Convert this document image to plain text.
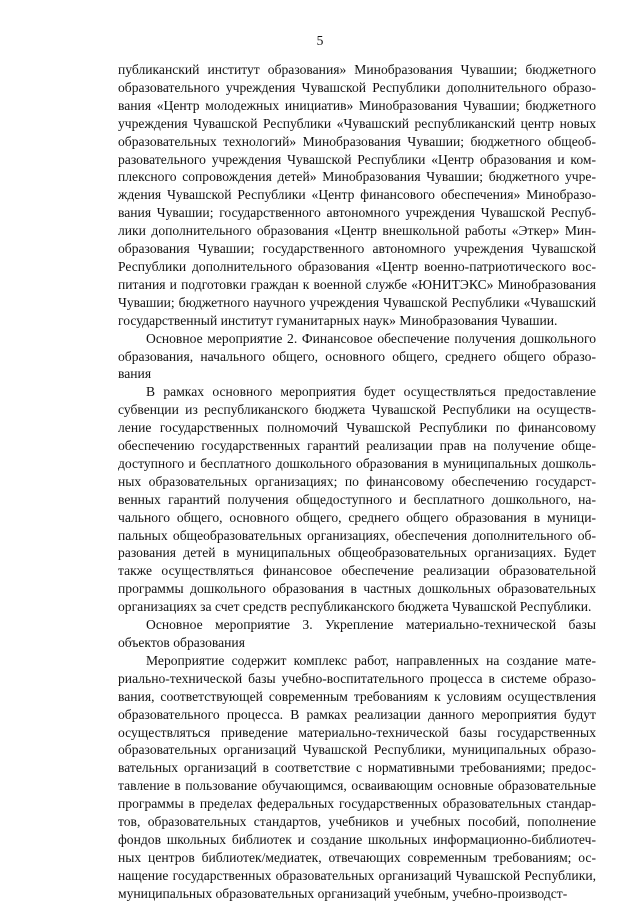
5

публиканский институт образования» Минобразования Чувашии; бюджетного образовательного учреждения Чувашской Республики дополнительного образования «Центр молодежных инициатив» Минобразования Чувашии; бюджетного учреждения Чувашской Республики «Чувашский республиканский центр новых образовательных технологий» Минобразования Чувашии; бюджетного общеобразовательного учреждения Чувашской Республики «Центр образования и комплексного сопровождения детей» Минобразования Чувашии; бюджетного учреждения Чувашской Республики «Центр финансового обеспечения» Минобразования Чувашии; государственного автономного учреждения Чувашской Республики дополнительного образования «Центр внешкольной работы «Эткер» Минобразования Чувашии; государственного автономного учреждения Чувашской Республики дополнительного образования «Центр военно-патриотического воспитания и подготовки граждан к военной службе «ЮНИТЭКС» Минобразования Чувашии; бюджетного научного учреждения Чувашской Республики «Чувашский государственный институт гуманитарных наук» Минобразования Чувашии.

Основное мероприятие 2. Финансовое обеспечение получения дошкольного образования, начального общего, основного общего, среднего общего образования

В рамках основного мероприятия будет осуществляться предоставление субвенции из республиканского бюджета Чувашской Республики на осуществление государственных полномочий Чувашской Республики по финансовому обеспечению государственных гарантий реализации прав на получение общедоступного и бесплатного дошкольного образования в муниципальных дошкольных образовательных организациях; по финансовому обеспечению государственных гарантий получения общедоступного и бесплатного дошкольного, начального общего, основного общего, среднего общего образования в муниципальных общеобразовательных организациях, обеспечения дополнительного образования детей в муниципальных общеобразовательных организациях. Будет также осуществляться финансовое обеспечение реализации образовательной программы дошкольного образования в частных дошкольных образовательных организациях за счет средств республиканского бюджета Чувашской Республики.

Основное мероприятие 3. Укрепление материально-технической базы объектов образования

Мероприятие содержит комплекс работ, направленных на создание материально-технической базы учебно-воспитательного процесса в системе образования, соответствующей современным требованиям к условиям осуществления образовательного процесса. В рамках реализации данного мероприятия будут осуществляться приведение материально-технической базы государственных образовательных организаций Чувашской Республики, муниципальных образовательных организаций в соответствие с нормативными требованиями; предоставление в пользование обучающимся, осваивающим основные образовательные программы в пределах федеральных государственных образовательных стандартов, образовательных стандартов, учебников и учебных пособий, пополнение фондов школьных библиотек и создание школьных информационно-библиотечных центров библиотек/медиатек, отвечающих современным требованиям; оснащение государственных образовательных организаций Чувашской Республики, муниципальных образовательных организаций учебным, учебно-производст-
